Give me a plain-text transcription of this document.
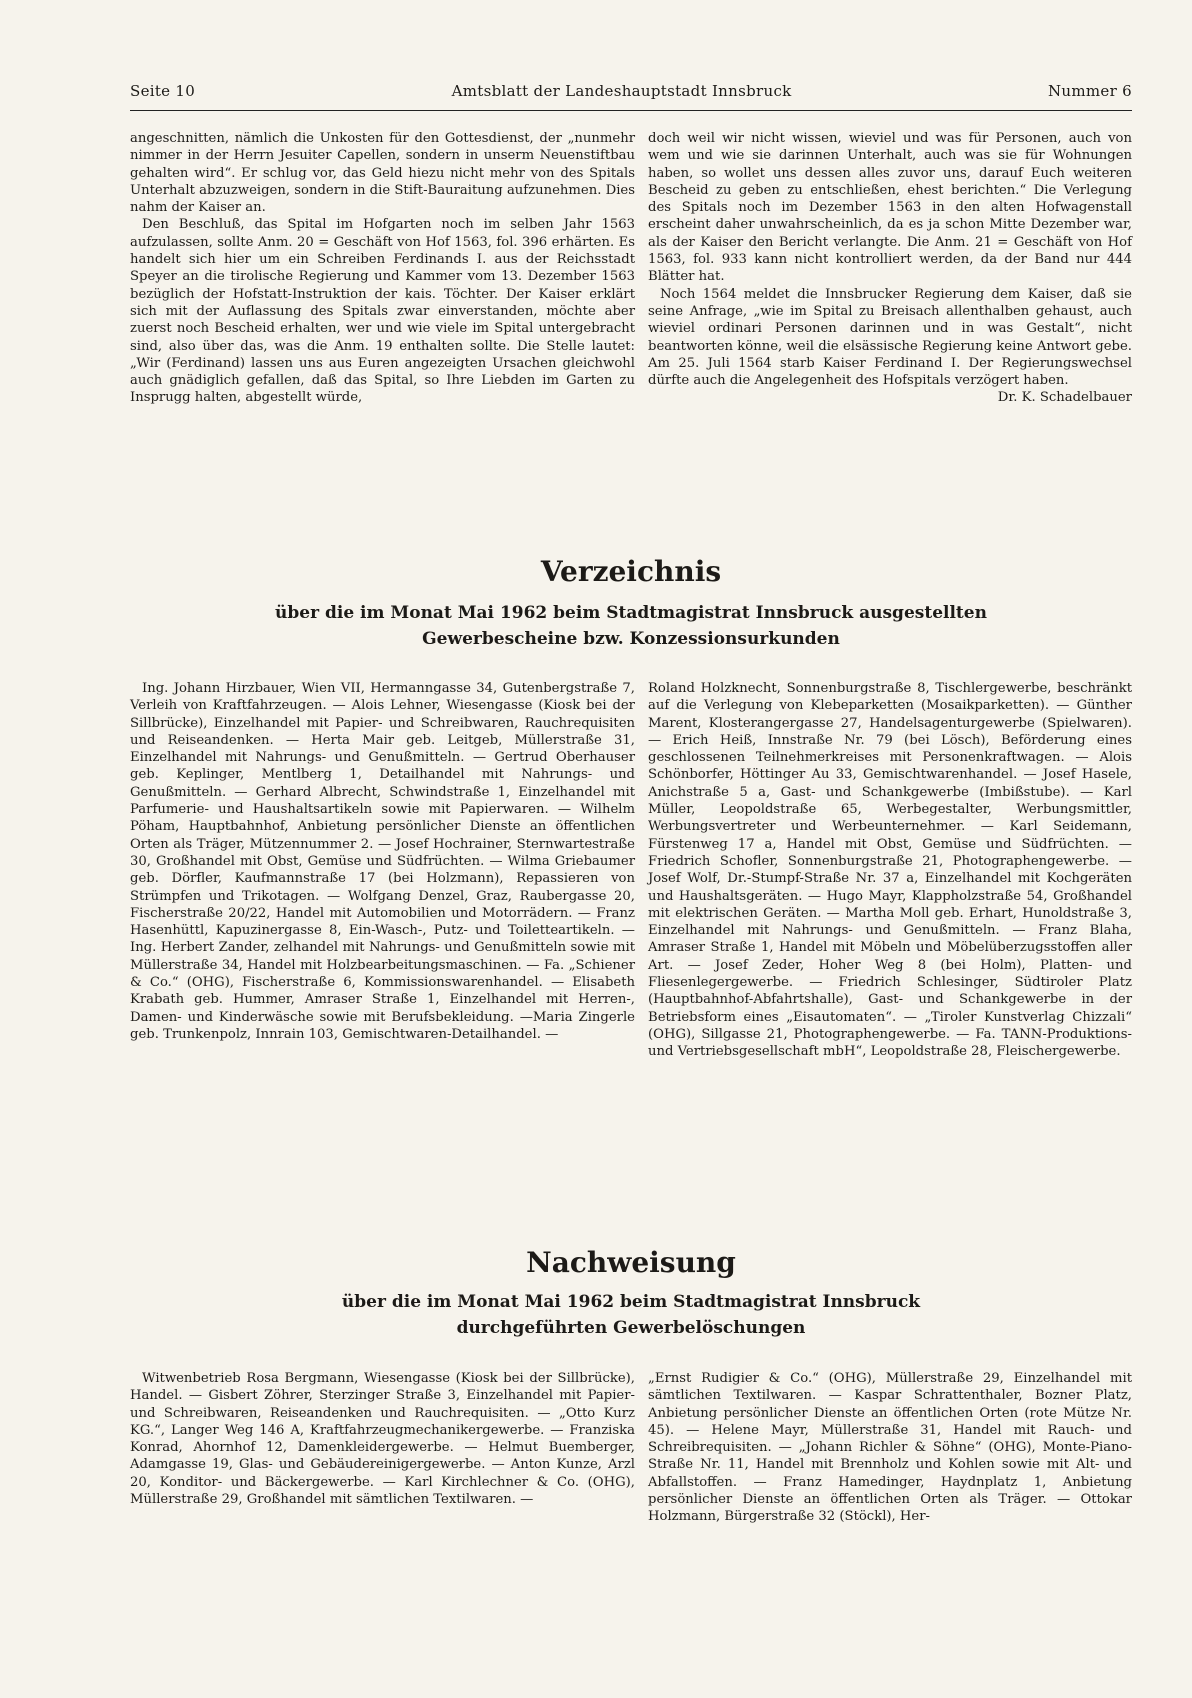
Seite 10	Amtsblatt der Landeshauptstadt Innsbruck	Nummer 6

angeschnitten, nämlich die Unkosten für den Gottesdienst, der „nunmehr nimmer in der Herrn Jesuiter Capellen, sondern in unserm Neuenstiftbau gehalten wird“. Er schlug vor, das Geld hiezu nicht mehr von des Spitals Unterhalt abzuzweigen, sondern in die Stift-Bauraitung aufzunehmen. Dies nahm der Kaiser an.

Den Beschluß, das Spital im Hofgarten noch im selben Jahr 1563 aufzulassen, sollte Anm. 20 = Geschäft von Hof 1563, fol. 396 erhärten. Es handelt sich hier um ein Schreiben Ferdinands I. aus der Reichsstadt Speyer an die tirolische Regierung und Kammer vom 13. Dezember 1563 bezüglich der Hofstatt-Instruktion der kais. Töchter. Der Kaiser erklärt sich mit der Auflassung des Spitals zwar einverstanden, möchte aber zuerst noch Bescheid erhalten, wer und wie viele im Spital untergebracht sind, also über das, was die Anm. 19 enthalten sollte. Die Stelle lautet: „Wir (Ferdinand) lassen uns aus Euren angezeigten Ursachen gleichwohl auch gnädiglich gefallen, daß das Spital, so Ihre Liebden im Garten zu Insprugg halten, abgestellt würde,

doch weil wir nicht wissen, wieviel und was für Personen, auch von wem und wie sie darinnen Unterhalt, auch was sie für Wohnungen haben, so wollet uns dessen alles zuvor uns, darauf Euch weiteren Bescheid zu geben zu entschließen, ehest berichten.“ Die Verlegung des Spitals noch im Dezember 1563 in den alten Hofwagenstall erscheint daher unwahrscheinlich, da es ja schon Mitte Dezember war, als der Kaiser den Bericht verlangte. Die Anm. 21 = Geschäft von Hof 1563, fol. 933 kann nicht kontrolliert werden, da der Band nur 444 Blätter hat.

Noch 1564 meldet die Innsbrucker Regierung dem Kaiser, daß sie seine Anfrage, „wie im Spital zu Breisach allenthalben gehaust, auch wieviel ordinari Personen darinnen und in was Gestalt“, nicht beantworten könne, weil die elsässische Regierung keine Antwort gebe. Am 25. Juli 1564 starb Kaiser Ferdinand I. Der Regierungswechsel dürfte auch die Angelegenheit des Hofspitals verzögert haben.

Dr. K. Schadelbauer

Verzeichnis
über die im Monat Mai 1962 beim Stadtmagistrat Innsbruck ausgestellten
Gewerbescheine bzw. Konzessionsurkunden

Ing. Johann Hirzbauer, Wien VII, Hermanngasse 34, Gutenbergstraße 7, Verleih von Kraftfahrzeugen. — Alois Lehner, Wiesengasse (Kiosk bei der Sillbrücke), Einzelhandel mit Papier- und Schreibwaren, Rauchrequisiten und Reiseandenken. — Herta Mair geb. Leitgeb, Müllerstraße 31, Einzelhandel mit Nahrungs- und Genußmitteln. — Gertrud Oberhauser geb. Keplinger, Mentlberg 1, Detailhandel mit Nahrungs- und Genußmitteln. — Gerhard Albrecht, Schwindstraße 1, Einzelhandel mit Parfumerie- und Haushaltsartikeln sowie mit Papierwaren. — Wilhelm Pöham, Hauptbahnhof, Anbietung persönlicher Dienste an öffentlichen Orten als Träger, Mützennummer 2. — Josef Hochrainer, Sternwartestraße 30, Großhandel mit Obst, Gemüse und Südfrüchten. — Wilma Griebaumer geb. Dörfler, Kaufmannstraße 17 (bei Holzmann), Repassieren von Strümpfen und Trikotagen. — Wolfgang Denzel, Graz, Raubergasse 20, Fischerstraße 20/22, Handel mit Automobilien und Motorrädern. — Franz Hasenhüttl, Kapuzinergasse 8, Ein-Wasch-, Putz- und Toiletteartikeln. — Ing. Herbert Zander, zelhandel mit Nahrungs- und Genußmitteln sowie mit Müllerstraße 34, Handel mit Holzbearbeitungsmaschinen. — Fa. „Schiener & Co.“ (OHG), Fischerstraße 6, Kommissionswarenhandel. — Elisabeth Krabath geb. Hummer, Amraser Straße 1, Einzelhandel mit Herren-, Damen- und Kinderwäsche sowie mit Berufsbekleidung. —Maria Zingerle geb. Trunkenpolz, Innrain 103, Gemischtwaren-Detailhandel. —

Roland Holzknecht, Sonnenburgstraße 8, Tischlergewerbe, beschränkt auf die Verlegung von Klebeparketten (Mosaikparketten). — Günther Marent, Klosterangergasse 27, Handelsagenturgewerbe (Spielwaren). — Erich Heiß, Innstraße Nr. 79 (bei Lösch), Beförderung eines geschlossenen Teilnehmerkreises mit Personenkraftwagen. — Alois Schönborfer, Höttinger Au 33, Gemischtwarenhandel. — Josef Hasele, Anichstraße 5 a, Gast- und Schankgewerbe (Imbißstube). — Karl Müller, Leopoldstraße 65, Werbegestalter, Werbungsmittler, Werbungsvertreter und Werbeunternehmer. — Karl Seidemann, Fürstenweg 17 a, Handel mit Obst, Gemüse und Südfrüchten. — Friedrich Schofler, Sonnenburgstraße 21, Photographengewerbe. — Josef Wolf, Dr.-Stumpf-Straße Nr. 37 a, Einzelhandel mit Kochgeräten und Haushaltsgeräten. — Hugo Mayr, Klappholzstraße 54, Großhandel mit elektrischen Geräten. — Martha Moll geb. Erhart, Hunoldstraße 3, Einzelhandel mit Nahrungs- und Genußmitteln. — Franz Blaha, Amraser Straße 1, Handel mit Möbeln und Möbelüberzugsstoffen aller Art. — Josef Zeder, Hoher Weg 8 (bei Holm), Platten- und Fliesenlegergewerbe. — Friedrich Schlesinger, Südtiroler Platz (Hauptbahnhof-Abfahrtshalle), Gast- und Schankgewerbe in der Betriebsform eines „Eisautomaten“. — „Tiroler Kunstverlag Chizzali“ (OHG), Sillgasse 21, Photographengewerbe. — Fa. TANN-Produktions- und Vertriebsgesellschaft mbH“, Leopoldstraße 28, Fleischergewerbe.

Nachweisung
über die im Monat Mai 1962 beim Stadtmagistrat Innsbruck
durchgeführten Gewerbelöschungen

Witwenbetrieb Rosa Bergmann, Wiesengasse (Kiosk bei der Sillbrücke), Handel. — Gisbert Zöhrer, Sterzinger Straße 3, Einzelhandel mit Papier- und Schreibwaren, Reiseandenken und Rauchrequisiten. — „Otto Kurz KG.“, Langer Weg 146 A, Kraftfahrzeugmechanikergewerbe. — Franziska Konrad, Ahornhof 12, Damenkleidergewerbe. — Helmut Buemberger, Adamgasse 19, Glas- und Gebäudereinigergewerbe. — Anton Kunze, Arzl 20, Konditor- und Bäckergewerbe. — Karl Kirchlechner & Co. (OHG), Müllerstraße 29, Großhandel mit sämtlichen Textilwaren. —

„Ernst Rudigier & Co.“ (OHG), Müllerstraße 29, Einzelhandel mit sämtlichen Textilwaren. — Kaspar Schrattenthaler, Bozner Platz, Anbietung persönlicher Dienste an öffentlichen Orten (rote Mütze Nr. 45). — Helene Mayr, Müllerstraße 31, Handel mit Rauch- und Schreibrequisiten. — „Johann Richler & Söhne“ (OHG), Monte-Piano-Straße Nr. 11, Handel mit Brennholz und Kohlen sowie mit Alt- und Abfallstoffen. — Franz Hamedinger, Haydnplatz 1, Anbietung persönlicher Dienste an öffentlichen Orten als Träger. — Ottokar Holzmann, Bürgerstraße 32 (Stöckl), Her-
